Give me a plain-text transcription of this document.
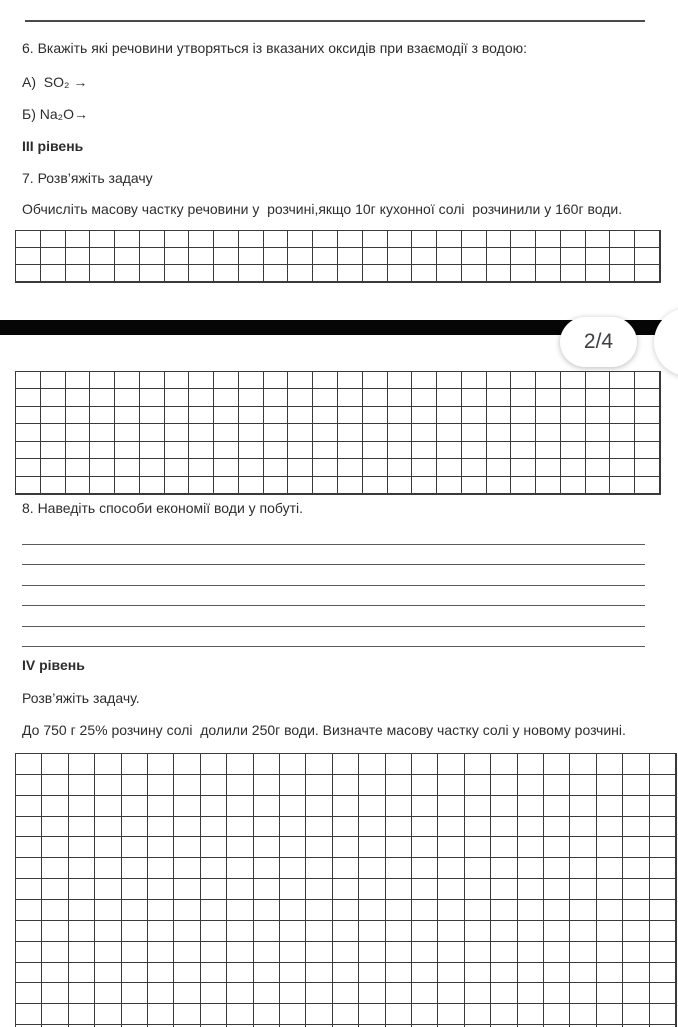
6. Вкажіть які речовини утворяться із вказаних оксидів при взаємодії з водою:
А)  SO₂ →
Б) Na₂O→
III рівень
7. Розв’яжіть задачу
Обчисліть масову частку речовини у  розчині,якщо 10г кухонної солі  розчинили у 160г води.
2/4
8. Наведіть способи економії води у побуті.
IV рівень
Розв’яжіть задачу.
До 750 г 25% розчину солі  долили 250г води. Визначте масову частку солі у новому розчині.
